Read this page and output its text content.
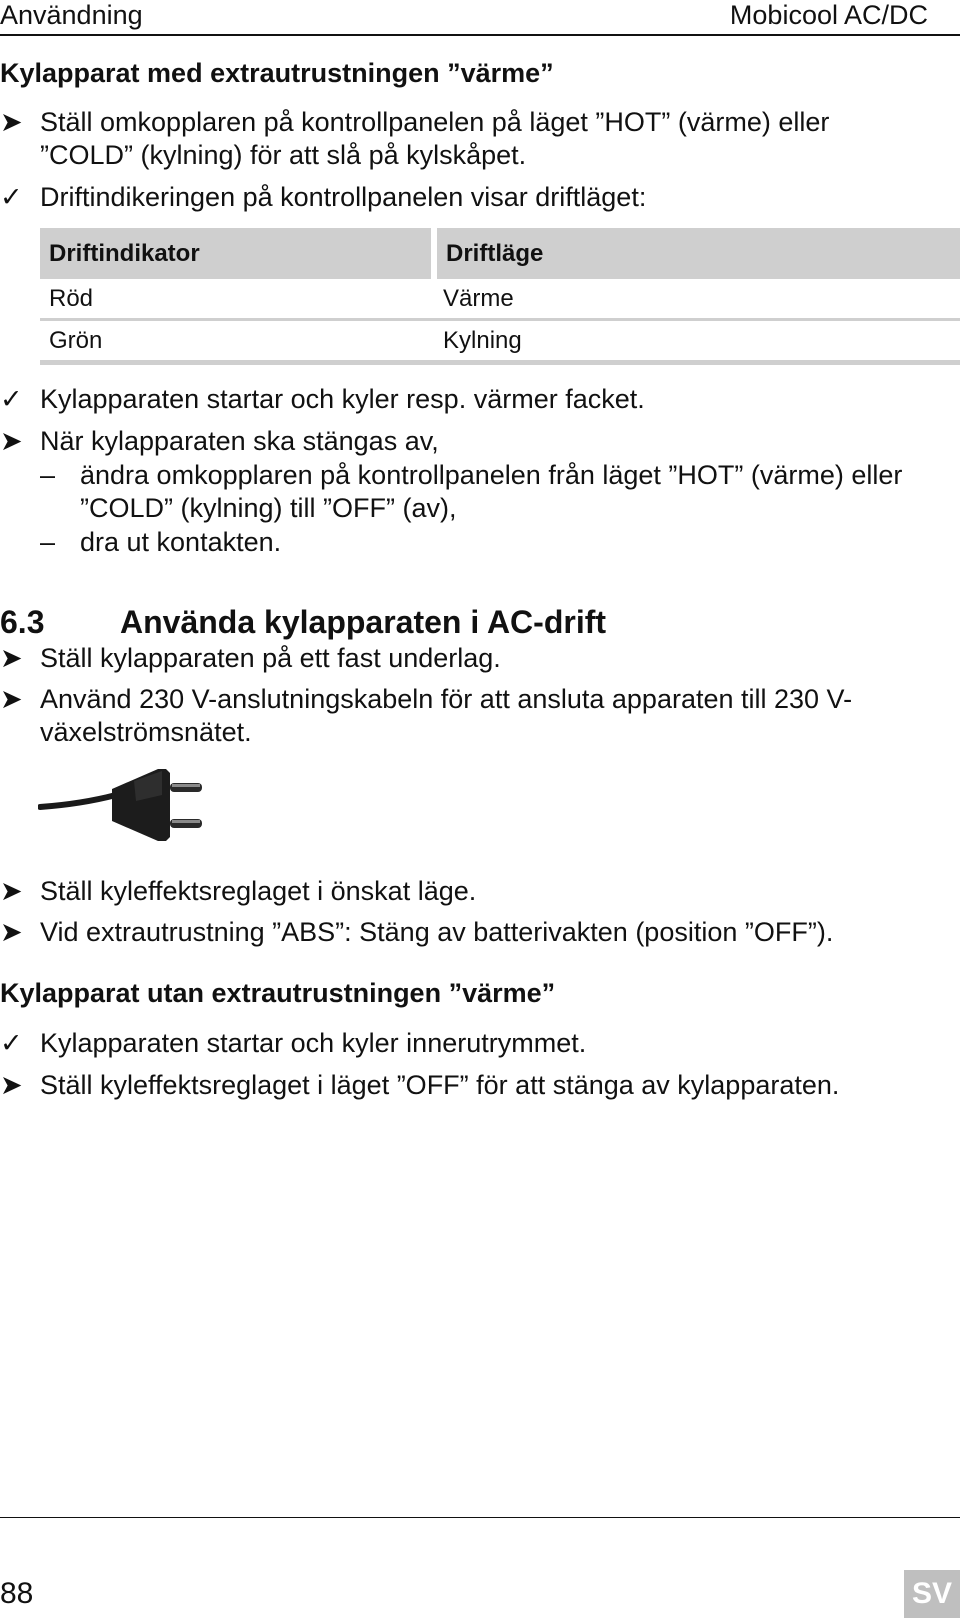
Användning	Mobicool AC/DC
Kylapparat med extrautrustningen ”värme”
➤ Ställ omkopplaren på kontrollpanelen på läget ”HOT” (värme) eller
”COLD” (kylning) för att slå på kylskåpet.
✓ Driftindikeringen på kontrollpanelen visar driftläget:
Driftindikator	Driftläge
Röd	Värme
Grön	Kylning
✓ Kylapparaten startar och kyler resp. värmer facket.
➤ När kylapparaten ska stängas av,
– ändra omkopplaren på kontrollpanelen från läget ”HOT” (värme) eller
”COLD” (kylning) till ”OFF” (av),
– dra ut kontakten.
6.3 Använda kylapparaten i AC-drift
➤ Ställ kylapparaten på ett fast underlag.
➤ Använd 230 V-anslutningskabeln för att ansluta apparaten till 230 V-
växelströmsnätet.
➤ Ställ kyleffektsreglaget i önskat läge.
➤ Vid extrautrustning ”ABS”: Stäng av batterivakten (position ”OFF”).
Kylapparat utan extrautrustningen ”värme”
✓ Kylapparaten startar och kyler innerutrymmet.
➤ Ställ kyleffektsreglaget i läget ”OFF” för att stänga av kylapparaten.
88	SV
